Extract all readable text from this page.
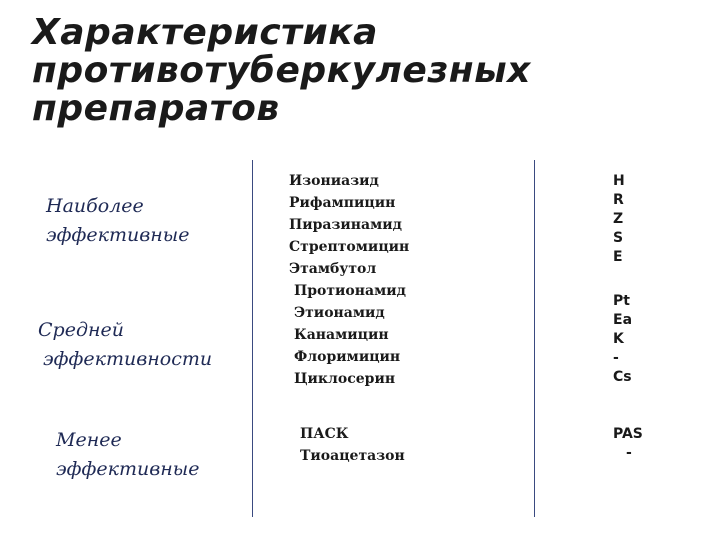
Характеристика
противотуберкулезных
препаратов
Наиболее
эффективные
Средней
эффективности
Менее
эффективные
Изониазид
Рифампицин
Пиразинамид
Стрептомицин
Этамбутол
Протионамид
Этионамид
Канамицин
Флоримицин
Циклосерин
ПАСК
Тиоацетазон
H
R
Z
S
E
Pt
Ea
K
-
Cs
PAS
-
